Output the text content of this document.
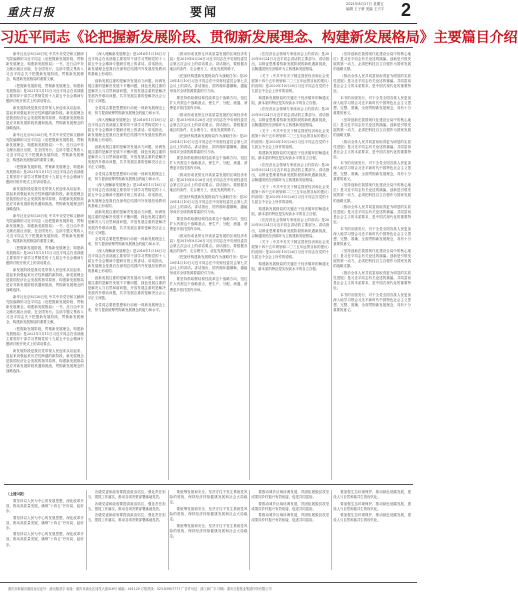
重庆日报	要闻
2021年8月27日 星期五
编辑 王子豪 美编 王天宇 2
习近平同志《论把握新发展阶段、贯彻新发展理念、构建新发展格局》主要篇目介绍

新华社北京8月26日电 中共中央党史和文献研究院编辑的习近平同志《论把握新发展阶段、贯彻新发展理念、构建新发展格局》一书，近日由中央文献出版社出版，在全国发行。这部专题文集收入习近平同志关于把握新发展阶段、贯彻新发展理念、构建新发展格局的重要文献。

《把握新发展阶段，贯彻新发展理念，构建新发展格局》是2021年1月11日习近平同志在省部级主要领导干部学习贯彻党的十九届五中全会精神专题研讨班开班式上的讲话要点。

新发展阶段是我们党带领人民迎来从站起来、富起来到强起来历史性跨越的新阶段。新发展理念是我国经济社会发展的指导原则，构建新发展格局是应对新发展阶段机遇和挑战、贯彻新发展理念的战略选择。

新华社北京8月26日电 中共中央党史和文献研究院编辑的习近平同志《论把握新发展阶段、贯彻新发展理念、构建新发展格局》一书，近日由中央文献出版社出版，在全国发行。这部专题文集收入习近平同志关于把握新发展阶段、贯彻新发展理念、构建新发展格局的重要文献。

《把握新发展阶段，贯彻新发展理念，构建新发展格局》是2021年1月11日习近平同志在省部级主要领导干部学习贯彻党的十九届五中全会精神专题研讨班开班式上的讲话要点。

新发展阶段是我们党带领人民迎来从站起来、富起来到强起来历史性跨越的新阶段。新发展理念是我国经济社会发展的指导原则，构建新发展格局是应对新发展阶段机遇和挑战、贯彻新发展理念的战略选择。

新华社北京8月26日电 中共中央党史和文献研究院编辑的习近平同志《论把握新发展阶段、贯彻新发展理念、构建新发展格局》一书，近日由中央文献出版社出版，在全国发行。这部专题文集收入习近平同志关于把握新发展阶段、贯彻新发展理念、构建新发展格局的重要文献。

《把握新发展阶段，贯彻新发展理念，构建新发展格局》是2021年1月11日习近平同志在省部级主要领导干部学习贯彻党的十九届五中全会精神专题研讨班开班式上的讲话要点。

新发展阶段是我们党带领人民迎来从站起来、富起来到强起来历史性跨越的新阶段。新发展理念是我国经济社会发展的指导原则，构建新发展格局是应对新发展阶段机遇和挑战、贯彻新发展理念的战略选择。

新华社北京8月26日电 中共中央党史和文献研究院编辑的习近平同志《论把握新发展阶段、贯彻新发展理念、构建新发展格局》一书，近日由中央文献出版社出版，在全国发行。这部专题文集收入习近平同志关于把握新发展阶段、贯彻新发展理念、构建新发展格局的重要文献。

《把握新发展阶段，贯彻新发展理念，构建新发展格局》是2021年1月11日习近平同志在省部级主要领导干部学习贯彻党的十九届五中全会精神专题研讨班开班式上的讲话要点。

新发展阶段是我们党带领人民迎来从站起来、富起来到强起来历史性跨越的新阶段。新发展理念是我国经济社会发展的指导原则，构建新发展格局是应对新发展阶段机遇和挑战、贯彻新发展理念的战略选择。

《深入理解新发展理念》是2016年1月18日习近平同志在省部级主要领导干部学习贯彻党的十八届五中全会精神专题研讨班上的讲话。讲话指出，新发展理念是我们在深刻总结国内外发展经验教训的基础上形成的。

创新发展注重的是解决发展动力问题，协调发展注重的是解决发展不平衡问题，绿色发展注重的是解决人与自然和谐问题，开放发展注重的是解决发展内外联动问题，共享发展注重的是解决社会公平正义问题。

全党同志要把思想和行动统一到新发展理念上来，努力提高统筹贯彻新发展理念的能力和水平。

《深入理解新发展理念》是2016年1月18日习近平同志在省部级主要领导干部学习贯彻党的十八届五中全会精神专题研讨班上的讲话。讲话指出，新发展理念是我们在深刻总结国内外发展经验教训的基础上形成的。

创新发展注重的是解决发展动力问题，协调发展注重的是解决发展不平衡问题，绿色发展注重的是解决人与自然和谐问题，开放发展注重的是解决发展内外联动问题，共享发展注重的是解决社会公平正义问题。

全党同志要把思想和行动统一到新发展理念上来，努力提高统筹贯彻新发展理念的能力和水平。

《深入理解新发展理念》是2016年1月18日习近平同志在省部级主要领导干部学习贯彻党的十八届五中全会精神专题研讨班上的讲话。讲话指出，新发展理念是我们在深刻总结国内外发展经验教训的基础上形成的。

创新发展注重的是解决发展动力问题，协调发展注重的是解决发展不平衡问题，绿色发展注重的是解决人与自然和谐问题，开放发展注重的是解决发展内外联动问题，共享发展注重的是解决社会公平正义问题。

全党同志要把思想和行动统一到新发展理念上来，努力提高统筹贯彻新发展理念的能力和水平。

《深入理解新发展理念》是2016年1月18日习近平同志在省部级主要领导干部学习贯彻党的十八届五中全会精神专题研讨班上的讲话。讲话指出，新发展理念是我们在深刻总结国内外发展经验教训的基础上形成的。

创新发展注重的是解决发展动力问题，协调发展注重的是解决发展不平衡问题，绿色发展注重的是解决人与自然和谐问题，开放发展注重的是解决发展内外联动问题，共享发展注重的是解决社会公平正义问题。

全党同志要把思想和行动统一到新发展理念上来，努力提高统筹贯彻新发展理念的能力和水平。

《推动形成优势互补高质量发展的区域经济布局》是2019年8月26日习近平同志在中央财经委员会第五次会议上的讲话要点。讲话指出，要根据各地区的条件，走合理分工、优化发展的路子。

《把加快构建新发展格局作为战略任务》是2020年4月10日习近平同志在中央财经委员会第七次会议上的讲话。讲话指出，国内循环越顺畅，越能形成对全球资源要素的引力场。

要坚持供给侧结构性改革这个战略方向，扭住扩大内需这个战略基点，使生产、分配、流通、消费更多依托国内市场。

《推动形成优势互补高质量发展的区域经济布局》是2019年8月26日习近平同志在中央财经委员会第五次会议上的讲话要点。讲话指出，要根据各地区的条件，走合理分工、优化发展的路子。

《把加快构建新发展格局作为战略任务》是2020年4月10日习近平同志在中央财经委员会第七次会议上的讲话。讲话指出，国内循环越顺畅，越能形成对全球资源要素的引力场。

要坚持供给侧结构性改革这个战略方向，扭住扩大内需这个战略基点，使生产、分配、流通、消费更多依托国内市场。

《推动形成优势互补高质量发展的区域经济布局》是2019年8月26日习近平同志在中央财经委员会第五次会议上的讲话要点。讲话指出，要根据各地区的条件，走合理分工、优化发展的路子。

《把加快构建新发展格局作为战略任务》是2020年4月10日习近平同志在中央财经委员会第七次会议上的讲话。讲话指出，国内循环越顺畅，越能形成对全球资源要素的引力场。

要坚持供给侧结构性改革这个战略方向，扭住扩大内需这个战略基点，使生产、分配、流通、消费更多依托国内市场。

《推动形成优势互补高质量发展的区域经济布局》是2019年8月26日习近平同志在中央财经委员会第五次会议上的讲话要点。讲话指出，要根据各地区的条件，走合理分工、优化发展的路子。

《把加快构建新发展格局作为战略任务》是2020年4月10日习近平同志在中央财经委员会第七次会议上的讲话。讲话指出，国内循环越顺畅，越能形成对全球资源要素的引力场。

要坚持供给侧结构性改革这个战略方向，扭住扩大内需这个战略基点，使生产、分配、流通、消费更多依托国内市场。

《在经济社会领域专家座谈会上的讲话》是2020年8月24日习近平同志讲话的主要部分。讲话指出，以辩证思维看待新发展阶段的新机遇新挑战，以畅通国民经济循环为主构建新发展格局。

《关于〈中共中央关于制定国民经济和社会发展第十四个五年规划和二〇三五年远景目标的建议〉的说明》是2020年10月26日习近平同志在党的十九届五中全会上所作的说明。

构建新发展格局的关键在于经济循环的畅通无阻，最本质的特征是实现高水平的自立自强。

《在经济社会领域专家座谈会上的讲话》是2020年8月24日习近平同志讲话的主要部分。讲话指出，以辩证思维看待新发展阶段的新机遇新挑战，以畅通国民经济循环为主构建新发展格局。

《关于〈中共中央关于制定国民经济和社会发展第十四个五年规划和二〇三五年远景目标的建议〉的说明》是2020年10月26日习近平同志在党的十九届五中全会上所作的说明。

构建新发展格局的关键在于经济循环的畅通无阻，最本质的特征是实现高水平的自立自强。

《在经济社会领域专家座谈会上的讲话》是2020年8月24日习近平同志讲话的主要部分。讲话指出，以辩证思维看待新发展阶段的新机遇新挑战，以畅通国民经济循环为主构建新发展格局。

《关于〈中共中央关于制定国民经济和社会发展第十四个五年规划和二〇三五年远景目标的建议〉的说明》是2020年10月26日习近平同志在党的十九届五中全会上所作的说明。

构建新发展格局的关键在于经济循环的畅通无阻，最本质的特征是实现高水平的自立自强。

《在经济社会领域专家座谈会上的讲话》是2020年8月24日习近平同志讲话的主要部分。讲话指出，以辩证思维看待新发展阶段的新机遇新挑战，以畅通国民经济循环为主构建新发展格局。

《关于〈中共中央关于制定国民经济和社会发展第十四个五年规划和二〇三五年远景目标的建议〉的说明》是2020年10月26日习近平同志在党的十九届五中全会上所作的说明。

构建新发展格局的关键在于经济循环的畅通无阻，最本质的特征是实现高水平的自立自强。

《坚持创新在我国现代化建设全局中的核心地位》是习近平同志有关论述的摘编。创新是引领发展的第一动力，必须把科技自立自强作为国家发展的战略支撑。

《推动全体人民共同富裕取得更为明显的实质性进展》是习近平同志有关论述的摘编。共同富裕是社会主义的本质要求，是中国式现代化的重要特征。

本书的出版发行，对于全党全国各族人民更加深入地学习领会习近平新时代中国特色社会主义思想，完整、准确、全面贯彻新发展理念，具有十分重要的意义。

《坚持创新在我国现代化建设全局中的核心地位》是习近平同志有关论述的摘编。创新是引领发展的第一动力，必须把科技自立自强作为国家发展的战略支撑。

《推动全体人民共同富裕取得更为明显的实质性进展》是习近平同志有关论述的摘编。共同富裕是社会主义的本质要求，是中国式现代化的重要特征。

本书的出版发行，对于全党全国各族人民更加深入地学习领会习近平新时代中国特色社会主义思想，完整、准确、全面贯彻新发展理念，具有十分重要的意义。

《坚持创新在我国现代化建设全局中的核心地位》是习近平同志有关论述的摘编。创新是引领发展的第一动力，必须把科技自立自强作为国家发展的战略支撑。

《推动全体人民共同富裕取得更为明显的实质性进展》是习近平同志有关论述的摘编。共同富裕是社会主义的本质要求，是中国式现代化的重要特征。

本书的出版发行，对于全党全国各族人民更加深入地学习领会习近平新时代中国特色社会主义思想，完整、准确、全面贯彻新发展理念，具有十分重要的意义。

《坚持创新在我国现代化建设全局中的核心地位》是习近平同志有关论述的摘编。创新是引领发展的第一动力，必须把科技自立自强作为国家发展的战略支撑。

《推动全体人民共同富裕取得更为明显的实质性进展》是习近平同志有关论述的摘编。共同富裕是社会主义的本质要求，是中国式现代化的重要特征。

本书的出版发行，对于全党全国各族人民更加深入地学习领会习近平新时代中国特色社会主义思想，完整、准确、全面贯彻新发展理念，具有十分重要的意义。

（上接1版）

要坚持以人民为中心的发展思想，深化改革开放，推动高质量发展，确保“十四五”开好局、起好步。

要坚持以人民为中心的发展思想，深化改革开放，推动高质量发展，确保“十四五”开好局、起好步。

要坚持以人民为中心的发展思想，深化改革开放，推动高质量发展，确保“十四五”开好局、起好步。

各级党委和政府要提高政治站位，强化责任担当，狠抓工作落实，推动各项决策部署落地见效。

各级党委和政府要提高政治站位，强化责任担当，狠抓工作落实，推动各项决策部署落地见效。

各级党委和政府要提高政治站位，强化责任担当，狠抓工作落实，推动各项决策部署落地见效。

要统筹发展和安全，坚决守住不发生系统性风险的底线，保持经济持续健康发展和社会大局稳定。

要统筹发展和安全，坚决守住不发生系统性风险的底线，保持经济持续健康发展和社会大局稳定。

要统筹发展和安全，坚决守住不发生系统性风险的底线，保持经济持续健康发展和社会大局稳定。

要推动城乡区域协调发展，巩固拓展脱贫攻坚成果同乡村振兴有效衔接，促进共同富裕。

要推动城乡区域协调发展，巩固拓展脱贫攻坚成果同乡村振兴有效衔接，促进共同富裕。

要推动城乡区域协调发展，巩固拓展脱贫攻坚成果同乡村振兴有效衔接，促进共同富裕。

要加强生态环境保护，推动绿色低碳发展，建设人与自然和谐共生的现代化。

要加强生态环境保护，推动绿色低碳发展，建设人与自然和谐共生的现代化。

要加强生态环境保护，推动绿色低碳发展，建设人与自然和谐共生的现代化。

重庆市新闻出版局登记证号：渝出版登字 地址：重庆市渝北区同茂大道416号 邮编：401120 订报热线：023-63907777 广告许可证：渝工商广字 印刷：重庆日报报业集团印务有限公司
